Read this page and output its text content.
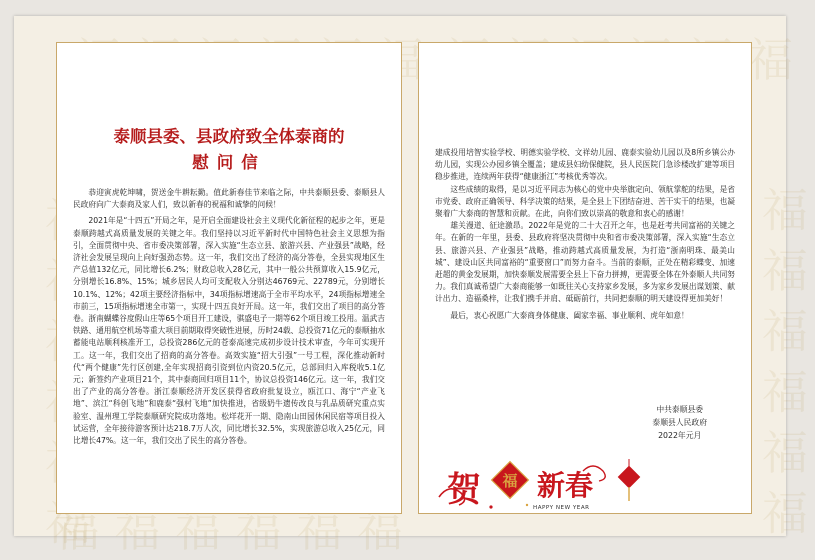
福
福	福 福 福 福 福 福
福 福 福 福 福 福
泰顺县委、县政府致全体泰商的
慰问信

恭迎寅虎乾坤啸，贺送金牛耕耘勤。值此新春佳节来临之际，中共泰顺县委、泰顺县人民政府向广大泰商及家人们，致以新春的祝福和诚挚的问候！

2021年是“十四五”开局之年，是开启全面建设社会主义现代化新征程的起步之年，更是泰顺跨越式高质量发展的关键之年。我们坚持以习近平新时代中国特色社会主义思想为指引，全面贯彻中央、省市委决策部署，深入实施“生态立县、旅游兴县、产业强县”战略，经济社会发展呈现向上向好强劲态势。这一年，我们交出了经济的高分答卷，全县实现地区生产总值132亿元，同比增长6.2%；财政总收入28亿元，其中一般公共预算收入15.9亿元，分别增长16.8%、15%；城乡居民人均可支配收入分别达46769元、22789元，分别增长10.1%、12%；42项主要经济指标中，34项指标增速高于全市平均水平，24项指标增速全市前三，15项指标增速全市第一，实现十四五良好开局。这一年，我们交出了项目的高分答卷。浙南蝴蝶谷度假山庄等65个项目开工建设，骐盛电子一期等62个项目竣工投用。温武吉铁路、通用航空机场等重大项目前期取得突破性进展，历时24载、总投资71亿元的泰顺抽水蓄能电站顺利核准开工，总投资286亿元的苍泰高速完成初步设计技术审查，今年可实现开工。这一年，我们交出了招商的高分答卷。高效实施“招大引强”一号工程，深化推动新时代“两个健康”先行区创建,全年实现招商引资到位内资20.5亿元，总部回归入库税收5.1亿元；新签约产业项目21个，其中泰商回归项目11个，协议总投资146亿元。这一年，我们交出了产业的高分答卷。浙江泰顺经济开发区获得省政府批复设立，瓯江口、海宁“产业飞地”、滨江“科创飞地”和鹿泰“强村飞地”加快推进，省级奶牛遗传改良与乳品质研究重点实验室、温州理工学院泰顺研究院成功落地。松垟花开一期、隐南山田园休闲民宿等项目投入试运营，全年接待游客预计达218.7万人次，同比增长32.5%，实现旅游总收入25亿元，同比增长47%。这一年，我们交出了民生的高分答卷。

建成投用培智实验学校、明德实验学校、文祥幼儿园、鹿泰实验幼儿园以及8所乡镇公办幼儿园，实现公办园乡镇全覆盖；建成县妇幼保健院，县人民医院门急诊楼改扩建等项目稳步推进，连续两年获得“健康浙江”考核优秀等次。

这些成绩的取得，是以习近平同志为核心的党中央举旗定向、领航掌舵的结果，是省市党委、政府正确领导、科学决策的结果，是全县上下团结奋进、苦干实干的结果，也凝聚着广大泰商的智慧和贡献。在此，向你们致以崇高的敬意和衷心的感谢！

雄关漫道、征途激昂。2022年是党的二十大召开之年，也是赶考共同富裕的关键之年。在新的一年里，县委、县政府将坚决贯彻中央和省市委决策部署，深入实施“生态立县、旅游兴县、产业强县”战略，推动跨越式高质量发展，为打造“浙南明珠、最美山城”、建设山区共同富裕的“重要窗口”而努力奋斗。当前的泰顺，正处在精彩蝶变、加速赶超的黄金发展期，加快泰顺发展需要全县上下奋力拼搏，更需要全体在外泰顺人共同努力。我们真诚希望广大泰商能够一如既往关心支持家乡发展，多为家乡发展出谋划策、献计出力、造福桑梓，让我们携手并肩、砥砺前行，共同把泰顺的明天建设得更加美好！

最后，衷心祝愿广大泰商身体健康、阖家幸福、事业顺利、虎年如意！

中共泰顺县委
泰顺县人民政府
2022年元月
贺 福 新春
HAPPY NEW YEAR
